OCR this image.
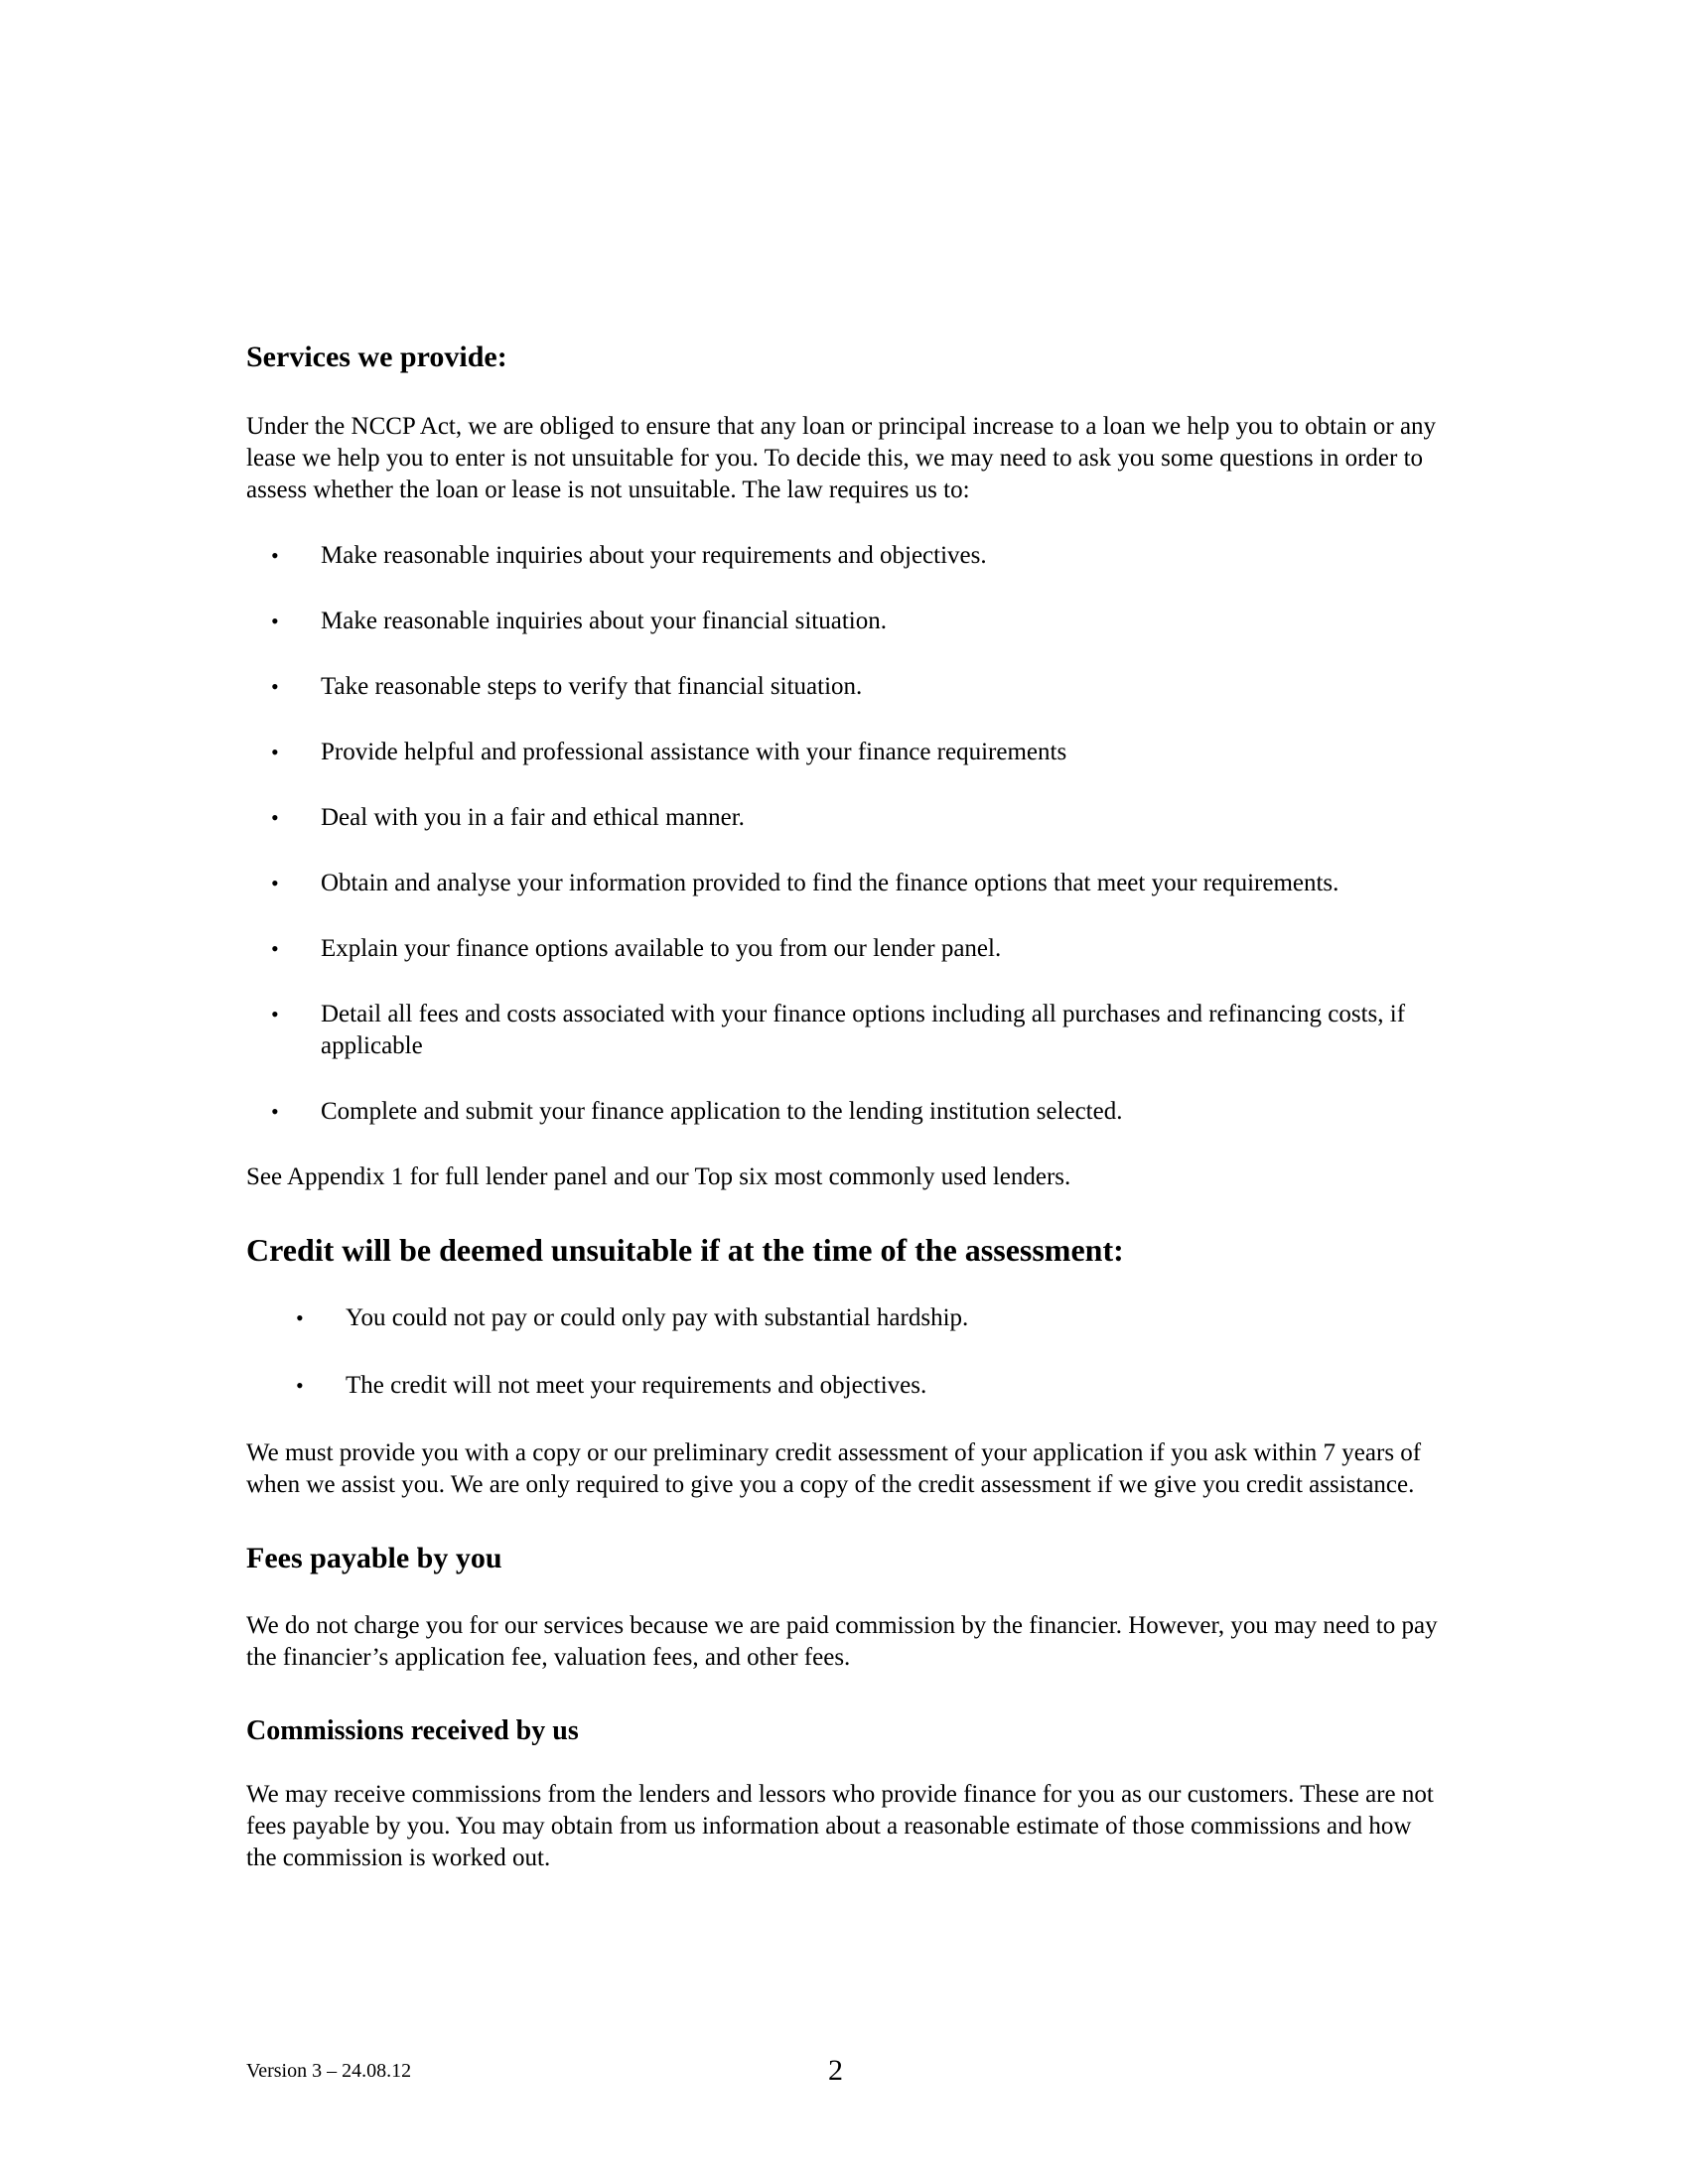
Services we provide:

Under the NCCP Act, we are obliged to ensure that any loan or principal increase to a loan we help you to obtain or any lease we help you to enter is not unsuitable for you. To decide this, we may need to ask you some questions in order to assess whether the loan or lease is not unsuitable. The law requires us to:

• Make reasonable inquiries about your requirements and objectives.
• Make reasonable inquiries about your financial situation.
• Take reasonable steps to verify that financial situation.
• Provide helpful and professional assistance with your finance requirements
• Deal with you in a fair and ethical manner.
• Obtain and analyse your information provided to find the finance options that meet your requirements.
• Explain your finance options available to you from our lender panel.
• Detail all fees and costs associated with your finance options including all purchases and refinancing costs, if applicable
• Complete and submit your finance application to the lending institution selected.

See Appendix 1 for full lender panel and our Top six most commonly used lenders.

Credit will be deemed unsuitable if at the time of the assessment:
• You could not pay or could only pay with substantial hardship.
• The credit will not meet your requirements and objectives.

We must provide you with a copy or our preliminary credit assessment of your application if you ask within 7 years of when we assist you. We are only required to give you a copy of the credit assessment if we give you credit assistance.

Fees payable by you

We do not charge you for our services because we are paid commission by the financier. However, you may need to pay the financier’s application fee, valuation fees, and other fees.

Commissions received by us

We may receive commissions from the lenders and lessors who provide finance for you as our customers. These are not fees payable by you. You may obtain from us information about a reasonable estimate of those commissions and how the commission is worked out.

Version 3 – 24.08.12	2
